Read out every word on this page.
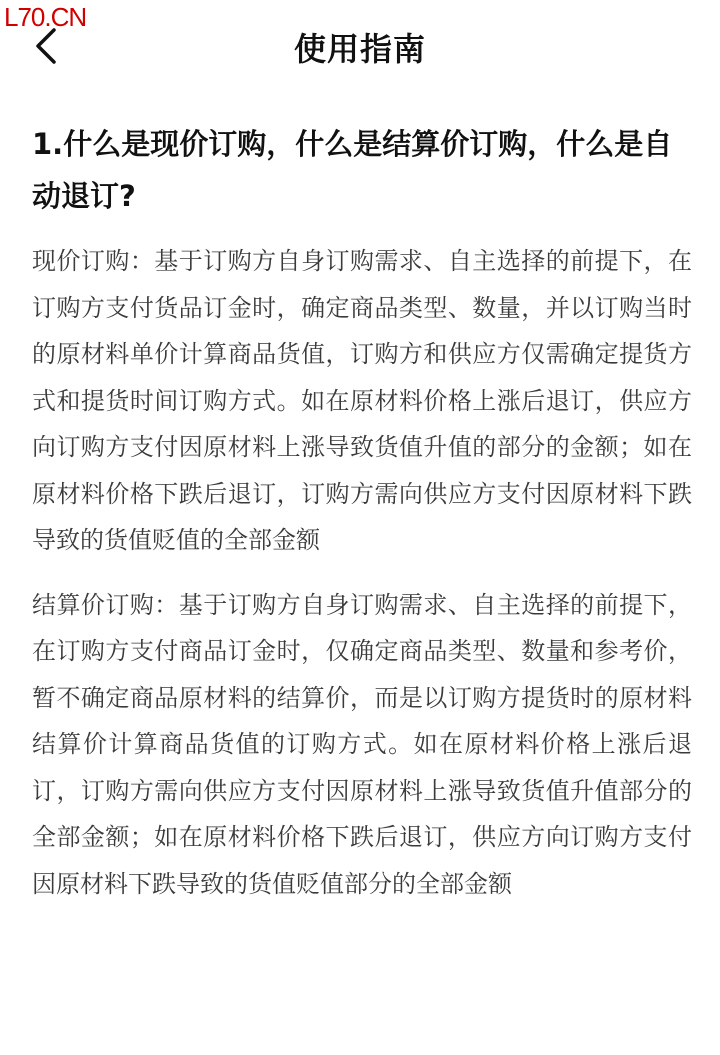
L70.CN
使用指南
1.什么是现价订购，什么是结算价订购，什么是自动退订?

现价订购：基于订购方自身订购需求、自主选择的前提下，在订购方支付货品订金时，确定商品类型、数量，并以订购当时的原材料单价计算商品货值，订购方和供应方仅需确定提货方式和提货时间订购方式。如在原材料价格上涨后退订，供应方向订购方支付因原材料上涨导致货值升值的部分的金额；如在原材料价格下跌后退订，订购方需向供应方支付因原材料下跌导致的货值贬值的全部金额

结算价订购：基于订购方自身订购需求、自主选择的前提下，在订购方支付商品订金时，仅确定商品类型、数量和参考价，暂不确定商品原材料的结算价，而是以订购方提货时的原材料结算价计算商品货值的订购方式。如在原材料价格上涨后退订，订购方需向供应方支付因原材料上涨导致货值升值部分的全部金额；如在原材料价格下跌后退订，供应方向订购方支付因原材料下跌导致的货值贬值部分的全部金额
